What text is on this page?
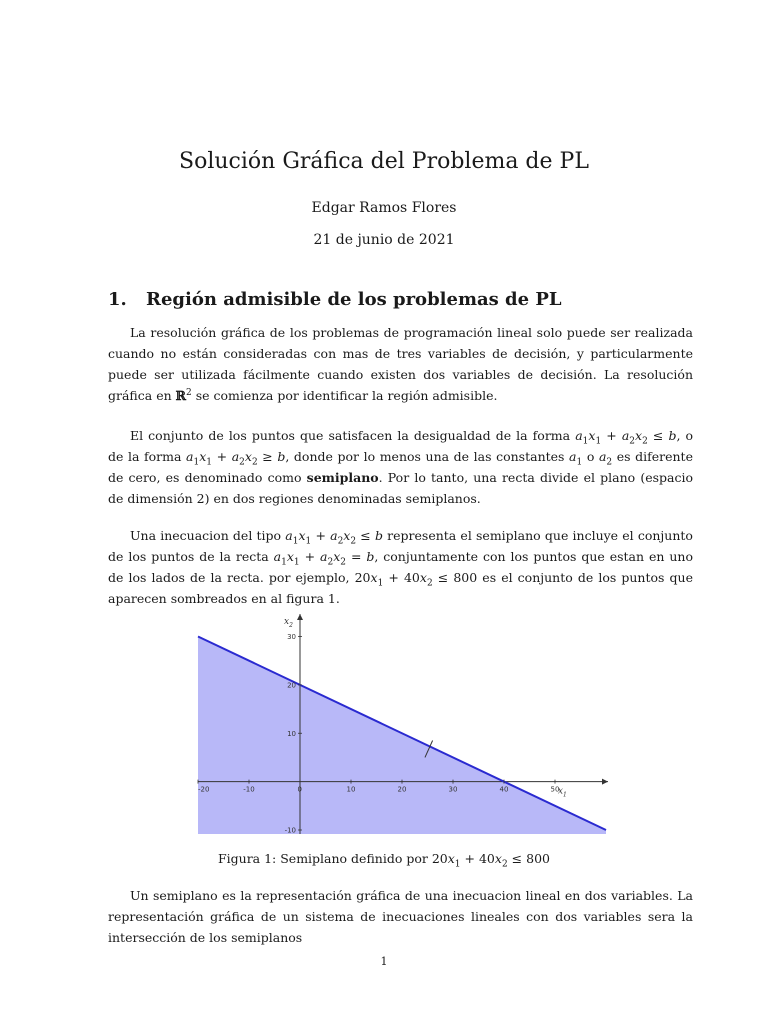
Solución Gráfica del Problema de PL
Edgar Ramos Flores
21 de junio de 2021
1. Región admisible de los problemas de PL

La resolución gráfica de los problemas de programación lineal solo puede ser realizada cuando no están consideradas con mas de tres variables de decisión, y particularmente puede ser utilizada fácilmente cuando existen dos variables de decisión. La resolución gráfica en ℝ$^2$ se comienza por identificar la región admisible.

El conjunto de los puntos que satisfacen la desigualdad de la forma $a_1x_1 + a_2x_2 \le b$, o de la forma $a_1x_1 + a_2x_2 \ge b$, donde por lo menos una de las constantes $a_1$ o $a_2$ es diferente de cero, es denominado como semiplano. Por lo tanto, una recta divide el plano (espacio de dimensión 2) en dos regiones denominadas semiplanos.

Una inecuacion del tipo $a_1x_1 + a_2x_2 \le b$ representa el semiplano que incluye el conjunto de los puntos de la recta $a_1x_1 + a_2x_2 = b$, conjuntamente con los puntos que estan en uno de los lados de la recta. por ejemplo, $20x_1 + 40x_2 \le 800$ es el conjunto de los puntos que aparecen sombreados en al figura 1.

-20	-10	0	10	20	30	40	50
30
20
10
-10
$x_1$
$x_2$
Figura 1: Semiplano definido por $20x_1 + 40x_2 \le 800$

Un semiplano es la representación gráfica de una inecuacion lineal en dos variables. La representación gráfica de un sistema de inecuaciones lineales con dos variables sera la intersección de los semiplanos

1
